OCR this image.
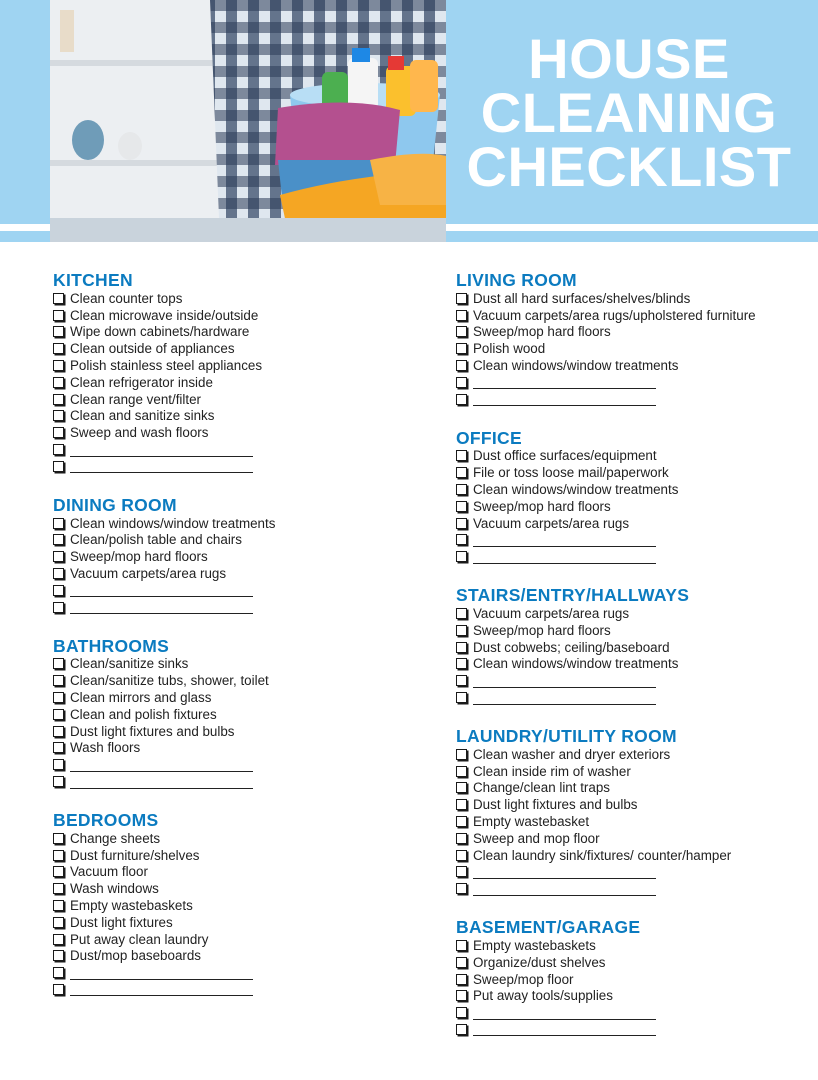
HOUSE
CLEANING
CHECKLIST
KITCHEN
Clean counter tops
Clean microwave inside/outside
Wipe down cabinets/hardware
Clean outside of appliances
Polish stainless steel appliances
Clean refrigerator inside
Clean range vent/filter
Clean and sanitize sinks
Sweep and wash floors
DINING ROOM
Clean windows/window treatments
Clean/polish table and chairs
Sweep/mop hard floors
Vacuum carpets/area rugs
BATHROOMS
Clean/sanitize sinks
Clean/sanitize tubs, shower, toilet
Clean mirrors and glass
Clean and polish fixtures
Dust light fixtures and bulbs
Wash floors
BEDROOMS
Change sheets
Dust furniture/shelves
Vacuum floor
Wash windows
Empty wastebaskets
Dust light fixtures
Put away clean laundry
Dust/mop baseboards
LIVING ROOM
Dust all hard surfaces/shelves/blinds
Vacuum carpets/area rugs/upholstered furniture
Sweep/mop hard floors
Polish wood
Clean windows/window treatments
OFFICE
Dust office surfaces/equipment
File or toss loose mail/paperwork
Clean windows/window treatments
Sweep/mop hard floors
Vacuum carpets/area rugs
STAIRS/ENTRY/HALLWAYS
Vacuum carpets/area rugs
Sweep/mop hard floors
Dust cobwebs; ceiling/baseboard
Clean windows/window treatments
LAUNDRY/UTILITY ROOM
Clean washer and dryer exteriors
Clean inside rim of washer
Change/clean lint traps
Dust light fixtures and bulbs
Empty wastebasket
Sweep and mop floor
Clean laundry sink/fixtures/ counter/hamper
BASEMENT/GARAGE
Empty wastebaskets
Organize/dust shelves
Sweep/mop floor
Put away tools/supplies
